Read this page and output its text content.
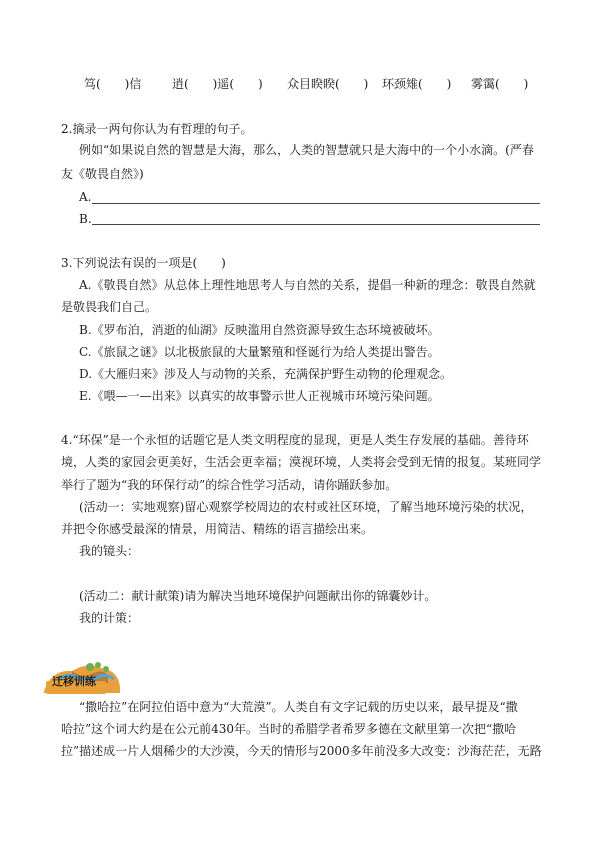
笃(　　)信	逍(　　)遥(　　) 众目睽睽(　　) 环颈雉(　　) 雾霭(　　)
2.摘录一两句你认为有哲理的句子。
例如“如果说自然的智慧是大海，那么，人类的智慧就只是大海中的一个小水滴。(严春
友《敬畏自然》)
A.
B.
3.下列说法有误的一项是(　　)
A.《敬畏自然》从总体上理性地思考人与自然的关系，提倡一种新的理念：敬畏自然就
是敬畏我们自己。
B.《罗布泊，消逝的仙湖》反映滥用自然资源导致生态环境被破坏。
C.《旅鼠之谜》以北极旅鼠的大量繁殖和怪诞行为给人类提出警告。
D.《大雁归来》涉及人与动物的关系，充满保护野生动物的伦理观念。
E.《喂—一—出来》以真实的故事警示世人正视城市环境污染问题。
4.“环保”是一个永恒的话题它是人类文明程度的显现，更是人类生存发展的基础。善待环
境，人类的家园会更美好，生活会更幸福；漠视环境，人类将会受到无情的报复。某班同学
举行了题为“我的环保行动”的综合性学习活动，请你踊跃参加。
(活动一：实地观察)留心观察学校周边的农村或社区环境，了解当地环境污染的状况，
并把令你感受最深的情景，用简洁、精练的语言描绘出来。
我的镜头：
(活动二：献计献策)请为解决当地环境保护问题献出你的锦囊妙计。
我的计策：
迁移训练
“撒哈拉”在阿拉伯语中意为“大荒漠”。人类自有文字记载的历史以来，最早提及“撒
哈拉”这个词大约是在公元前430年。当时的希腊学者希罗多德在文献里第一次把“撒哈
拉”描述成一片人烟稀少的大沙漠，今天的情形与2000多年前没多大改变：沙海茫茫，无路
